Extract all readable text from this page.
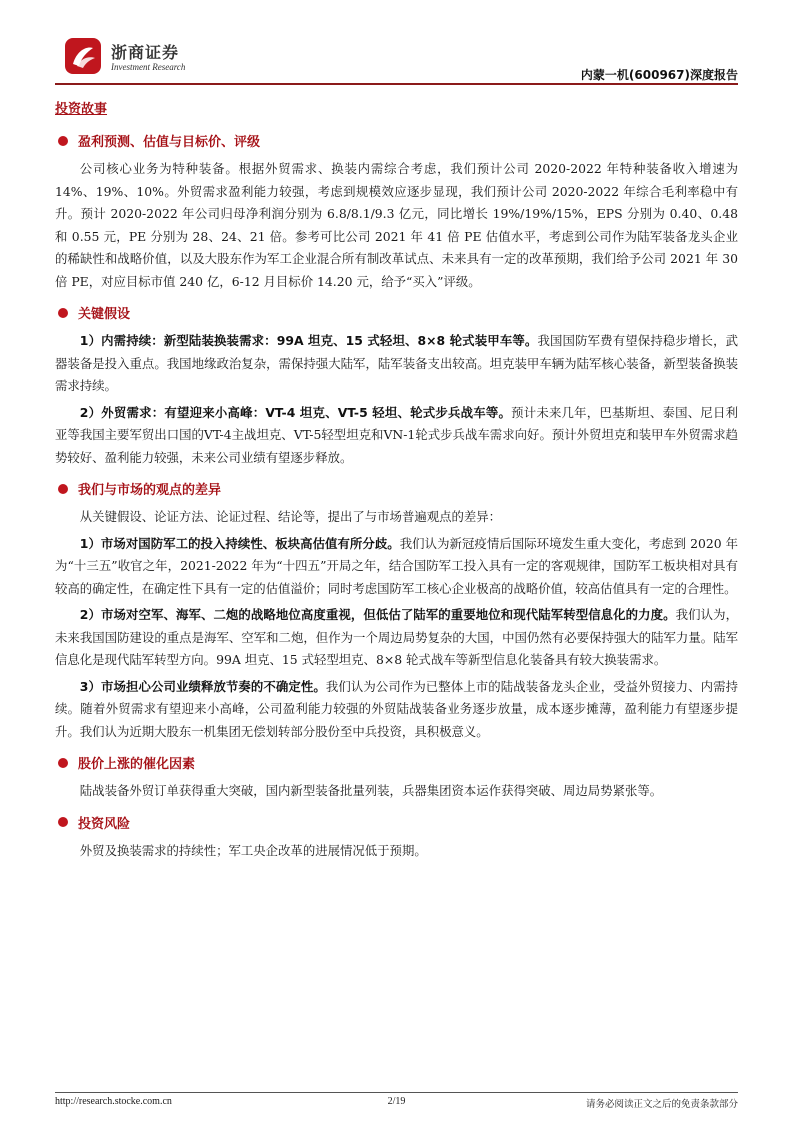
浙商证券
Investment Research
内蒙一机(600967)深度报告
投资故事
盈利预测、估值与目标价、评级

公司核心业务为特种装备。根据外贸需求、换装内需综合考虑，我们预计公司 2020-2022 年特种装备收入增速为 14%、19%、10%。外贸需求盈利能力较强，考虑到规模效应逐步显现，我们预计公司 2020-2022 年综合毛利率稳中有升。预计 2020-2022 年公司归母净利润分别为 6.8/8.1/9.3 亿元，同比增长 19%/19%/15%，EPS 分别为 0.40、0.48 和 0.55 元，PE 分别为 28、24、21 倍。参考可比公司 2021 年 41 倍 PE 估值水平，考虑到公司作为陆军装备龙头企业的稀缺性和战略价值，以及大股东作为军工企业混合所有制改革试点、未来具有一定的改革预期，我们给予公司 2021 年 30 倍 PE，对应目标市值 240 亿，6-12 月目标价 14.20 元，给予“买入”评级。

关键假设

1）内需持续：新型陆装换装需求：99A 坦克、15 式轻坦、8×8 轮式装甲车等。我国国防军费有望保持稳步增长，武器装备是投入重点。我国地缘政治复杂，需保持强大陆军，陆军装备支出较高。坦克装甲车辆为陆军核心装备，新型装备换装需求持续。

2）外贸需求：有望迎来小高峰：VT-4 坦克、VT-5 轻坦、轮式步兵战车等。预计未来几年，巴基斯坦、泰国、尼日利亚等我国主要军贸出口国的VT-4主战坦克、VT-5轻型坦克和VN-1轮式步兵战车需求向好。预计外贸坦克和装甲车外贸需求趋势较好、盈利能力较强，未来公司业绩有望逐步释放。

我们与市场的观点的差异

从关键假设、论证方法、论证过程、结论等，提出了与市场普遍观点的差异：

1）市场对国防军工的投入持续性、板块高估值有所分歧。我们认为新冠疫情后国际环境发生重大变化，考虑到 2020 年为“十三五”收官之年，2021-2022 年为“十四五”开局之年，结合国防军工投入具有一定的客观规律，国防军工板块相对具有较高的确定性，在确定性下具有一定的估值溢价；同时考虑国防军工核心企业极高的战略价值，较高估值具有一定的合理性。

2）市场对空军、海军、二炮的战略地位高度重视，但低估了陆军的重要地位和现代陆军转型信息化的力度。我们认为，未来我国国防建设的重点是海军、空军和二炮，但作为一个周边局势复杂的大国，中国仍然有必要保持强大的陆军力量。陆军信息化是现代陆军转型方向。99A 坦克、15 式轻型坦克、8×8 轮式战车等新型信息化装备具有较大换装需求。

3）市场担心公司业绩释放节奏的不确定性。我们认为公司作为已整体上市的陆战装备龙头企业，受益外贸接力、内需持续。随着外贸需求有望迎来小高峰，公司盈利能力较强的外贸陆战装备业务逐步放量，成本逐步摊薄，盈利能力有望逐步提升。我们认为近期大股东一机集团无偿划转部分股份至中兵投资，具积极意义。

股价上涨的催化因素

陆战装备外贸订单获得重大突破，国内新型装备批量列装，兵器集团资本运作获得突破、周边局势紧张等。

投资风险

外贸及换装需求的持续性；军工央企改革的进展情况低于预期。

http://research.stocke.com.cn	2/19	请务必阅读正文之后的免责条款部分
